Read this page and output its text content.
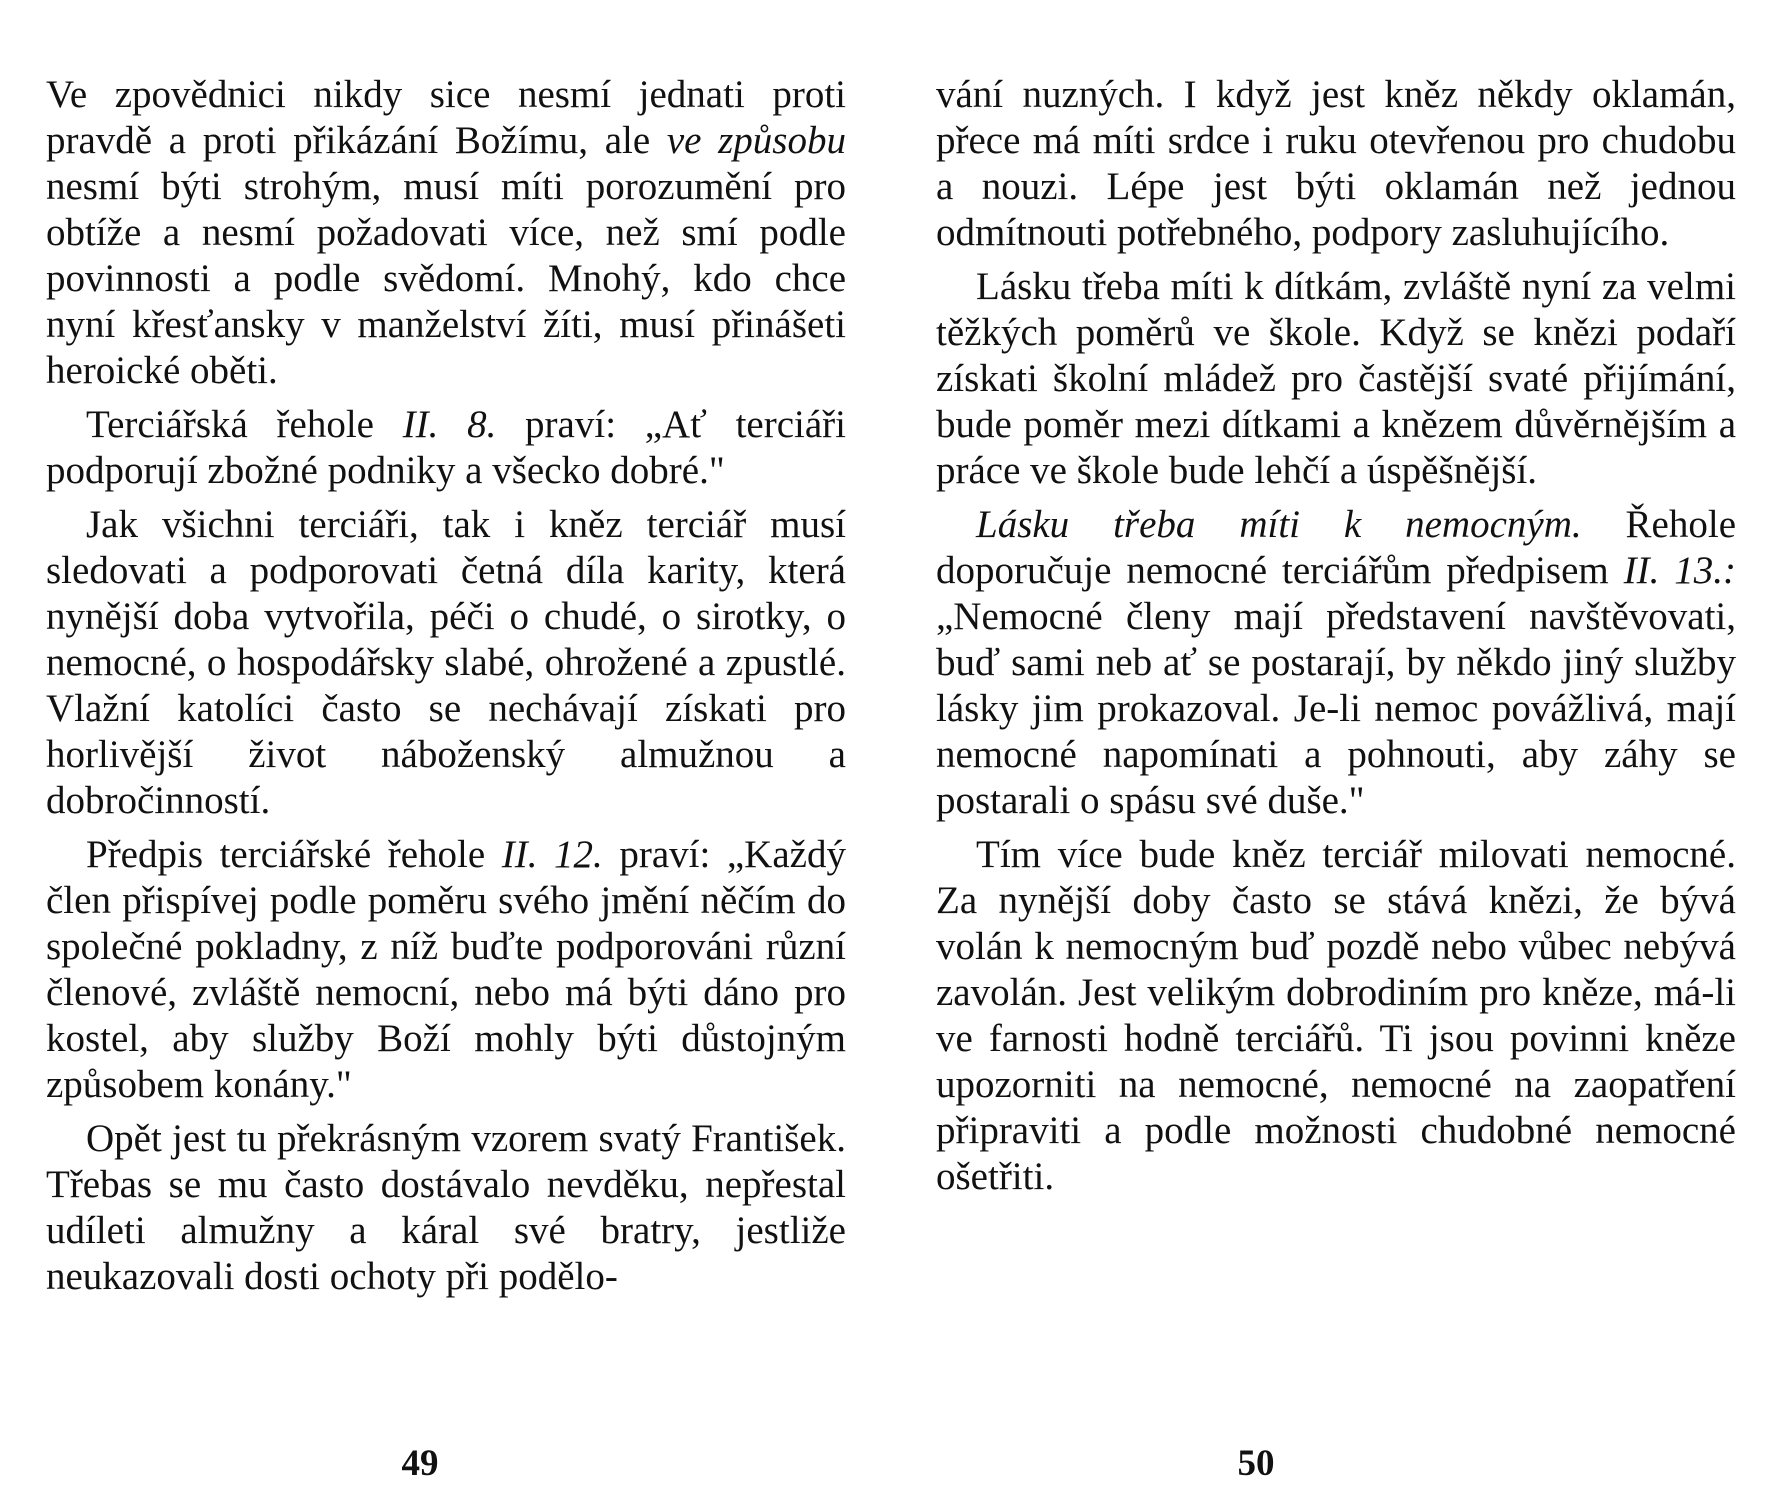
Ve zpovědnici nikdy sice nesmí jednati proti pravdě a proti přikázání Božímu, ale ve způsobu nesmí býti strohým, musí míti porozumění pro obtíže a nesmí požadovati více, než smí podle povinnosti a podle svědomí. Mnohý, kdo chce nyní křesťansky v manželství žíti, musí přinášeti heroické oběti.

Terciářská řehole II. 8. praví: „Ať terciáři podporují zbožné podniky a všecko dobré."

Jak všichni terciáři, tak i kněz terciář musí sledovati a podporovati četná díla karity, která nynější doba vytvořila, péči o chudé, o sirotky, o nemocné, o hospodářsky slabé, ohrožené a zpustlé. Vlažní katolíci často se nechávají získati pro horlivější život náboženský almužnou a dobročinností.

Předpis terciářské řehole II. 12. praví: „Každý člen přispívej podle poměru svého jmění něčím do společné pokladny, z níž buďte podporováni různí členové, zvláště nemocní, nebo má býti dáno pro kostel, aby služby Boží mohly býti důstojným způsobem konány."

Opět jest tu překrásným vzorem svatý František. Třebas se mu často dostávalo nevděku, nepřestal udíleti almužny a káral své bratry, jestliže neukazovali dosti ochoty při podělo-

49

vání nuzných. I když jest kněz někdy oklamán, přece má míti srdce i ruku otevřenou pro chudobu a nouzi. Lépe jest býti oklamán než jednou odmítnouti potřebného, podpory zasluhujícího.

Lásku třeba míti k dítkám, zvláště nyní za velmi těžkých poměrů ve škole. Když se knězi podaří získati školní mládež pro častější svaté přijímání, bude poměr mezi dítkami a knězem důvěrnějším a práce ve škole bude lehčí a úspěšnější.

Lásku třeba míti k nemocným. Řehole doporučuje nemocné terciářům předpisem II. 13.: „Nemocné členy mají představení navštěvovati, buď sami neb ať se postarají, by někdo jiný služby lásky jim prokazoval. Je-li nemoc povážlivá, mají nemocné napomínati a pohnouti, aby záhy se postarali o spásu své duše."

Tím více bude kněz terciář milovati nemocné. Za nynější doby často se stává knězi, že bývá volán k nemocným buď pozdě nebo vůbec nebývá zavolán. Jest velikým dobrodiním pro kněze, má-li ve farnosti hodně terciářů. Ti jsou povinni kněze upozorniti na nemocné, nemocné na zaopatření připraviti a podle možnosti chudobné nemocné ošetřiti.

50
